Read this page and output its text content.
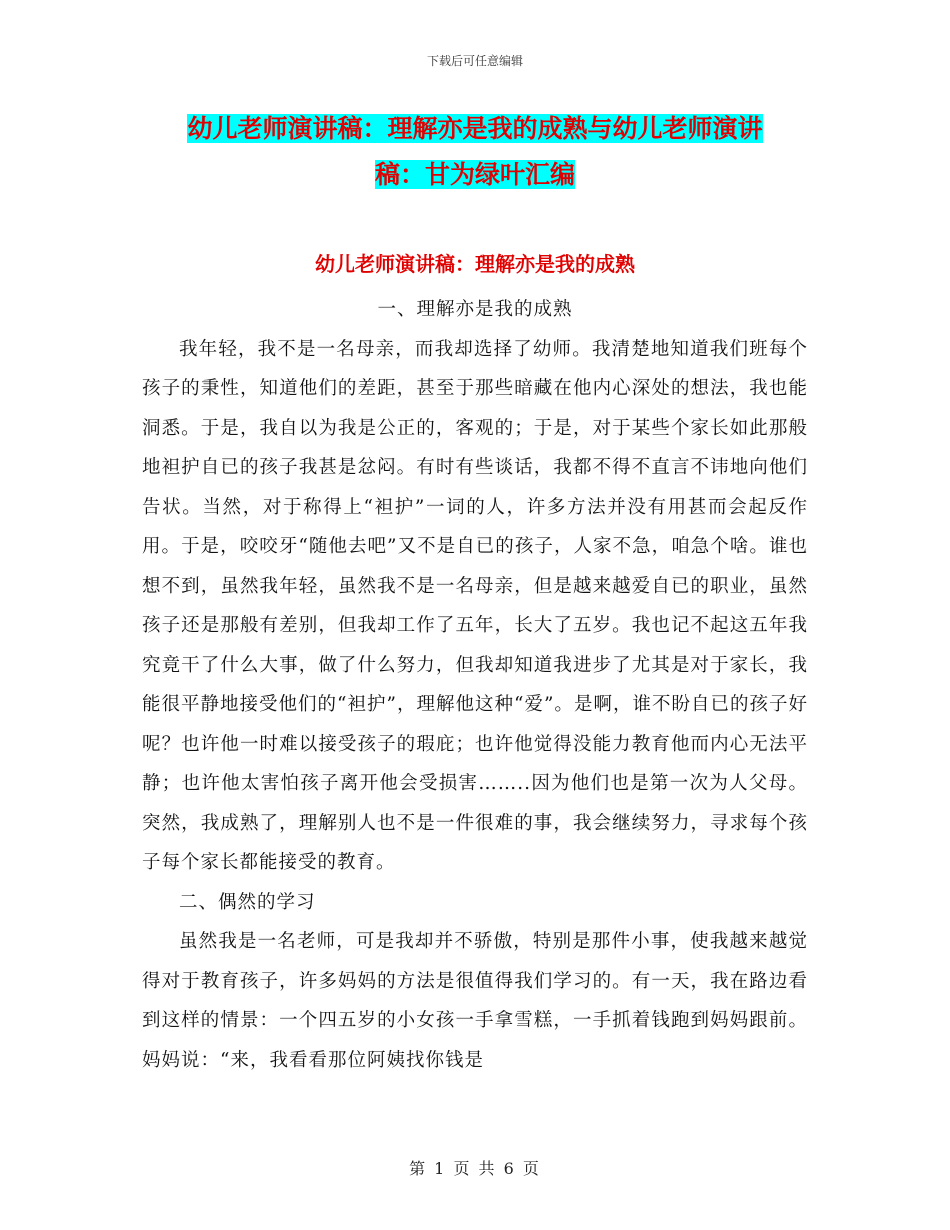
下载后可任意编辑
幼儿老师演讲稿：理解亦是我的成熟与幼儿老师演讲
稿：甘为绿叶汇编
幼儿老师演讲稿：理解亦是我的成熟

一、理解亦是我的成熟

我年轻，我不是一名母亲，而我却选择了幼师。我清楚地知道我们班每个孩子的秉性，知道他们的差距，甚至于那些暗藏在他内心深处的想法，我也能洞悉。于是，我自以为我是公正的，客观的；于是，对于某些个家长如此那般地袒护自已的孩子我甚是忿闷。有时有些谈话，我都不得不直言不讳地向他们告状。当然，对于称得上“袒护”一词的人，许多方法并没有用甚而会起反作用。于是，咬咬牙“随他去吧”又不是自已的孩子，人家不急，咱急个啥。谁也想不到，虽然我年轻，虽然我不是一名母亲，但是越来越爱自已的职业，虽然孩子还是那般有差别，但我却工作了五年，长大了五岁。我也记不起这五年我究竟干了什么大事，做了什么努力，但我却知道我进步了尤其是对于家长，我能很平静地接受他们的“袒护”，理解他这种“爱”。是啊，谁不盼自已的孩子好呢？也许他一时难以接受孩子的瑕庇；也许他觉得没能力教育他而内心无法平静；也许他太害怕孩子离开他会受损害……..因为他们也是第一次为人父母。突然，我成熟了，理解别人也不是一件很难的事，我会继续努力，寻求每个孩子每个家长都能接受的教育。

二、偶然的学习

虽然我是一名老师，可是我却并不骄傲，特别是那件小事，使我越来越觉得对于教育孩子，许多妈妈的方法是很值得我们学习的。有一天，我在路边看到这样的情景：一个四五岁的小女孩一手拿雪糕，一手抓着钱跑到妈妈跟前。妈妈说：“来，我看看那位阿姨找你钱是

第 1 页 共 6 页
